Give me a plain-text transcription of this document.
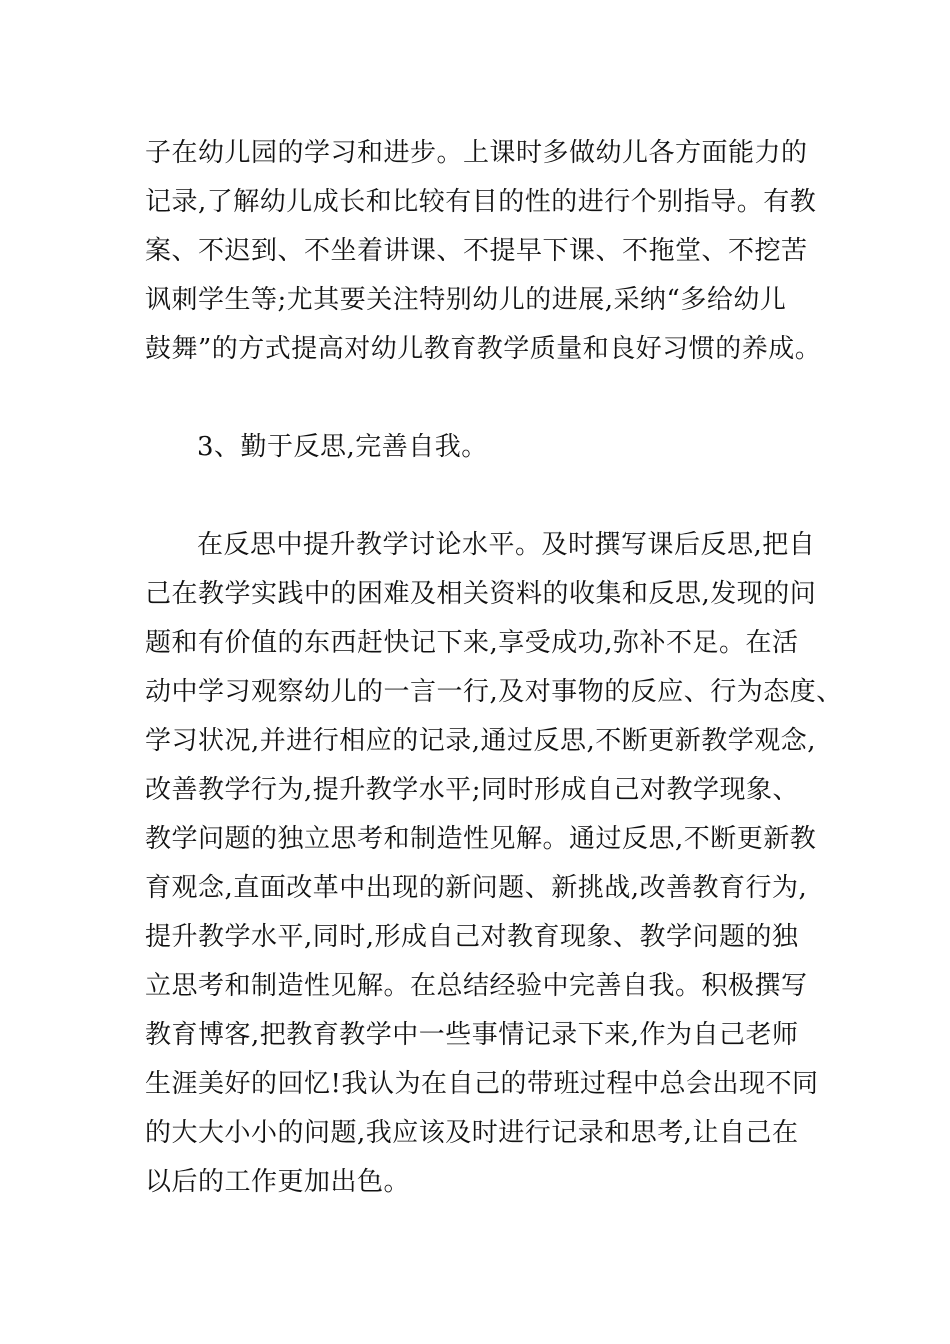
子在幼儿园的学习和进步。上课时多做幼儿各方面能力的
记录,了解幼儿成长和比较有目的性的进行个别指导。有教
案、不迟到、不坐着讲课、不提早下课、不拖堂、不挖苦
讽刺学生等;尤其要关注特别幼儿的进展,采纳“多给幼儿
鼓舞”的方式提高对幼儿教育教学质量和良好习惯的养成。
3、勤于反思,完善自我。
在反思中提升教学讨论水平。及时撰写课后反思,把自
己在教学实践中的困难及相关资料的收集和反思,发现的问
题和有价值的东西赶快记下来,享受成功,弥补不足。在活
动中学习观察幼儿的一言一行,及对事物的反应、行为态度、
学习状况,并进行相应的记录,通过反思,不断更新教学观念,
改善教学行为,提升教学水平;同时形成自己对教学现象、
教学问题的独立思考和制造性见解。通过反思,不断更新教
育观念,直面改革中出现的新问题、新挑战,改善教育行为,
提升教学水平,同时,形成自己对教育现象、教学问题的独
立思考和制造性见解。在总结经验中完善自我。积极撰写
教育博客,把教育教学中一些事情记录下来,作为自己老师
生涯美好的回忆!我认为在自己的带班过程中总会出现不同
的大大小小的问题,我应该及时进行记录和思考,让自己在
以后的工作更加出色。
